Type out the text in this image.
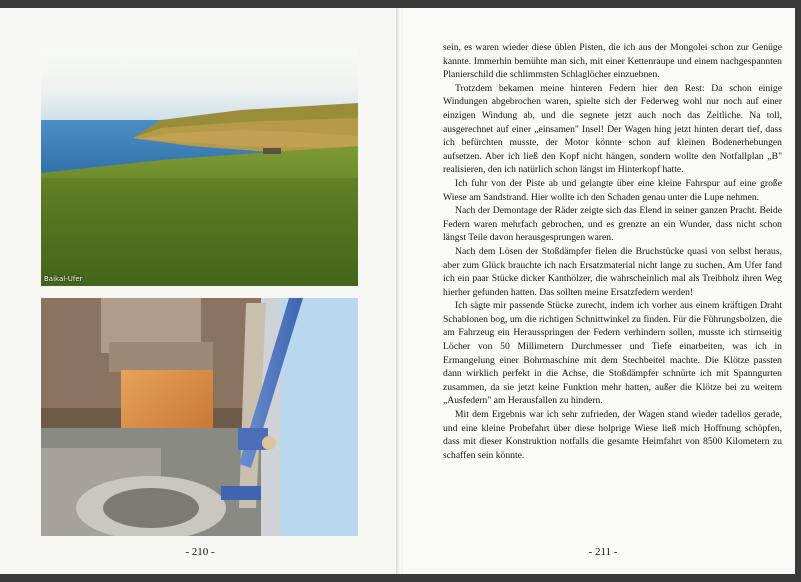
Baikal-Ufer
- 210 -

sein, es waren wieder diese üblen Pisten, die ich aus der Mongolei schon zur Genüge kannte. Immerhin bemühte man sich, mit einer Kettenraupe und einem nachgespannten Planierschild die schlimmsten Schlaglöcher einzuebnen.

Trotzdem bekamen meine hinteren Federn hier den Rest: Da schon einige Windungen abgebrochen waren, spielte sich der Federweg wohl nur noch auf einer einzigen Windung ab, und die segnete jetzt auch noch das Zeitliche. Na toll, ausgerechnet auf einer „einsamen" Insel! Der Wagen hing jetzt hinten derart tief, dass ich befürchten musste, der Motor könnte schon auf kleinen Bodenerhebungen aufsetzen. Aber ich ließ den Kopf nicht hängen, sondern wollte den Notfallplan „B" realisieren, den ich natürlich schon längst im Hinterkopf hatte.

Ich fuhr von der Piste ab und gelangte über eine kleine Fahrspur auf eine große Wiese am Sandstrand. Hier wollte ich den Schaden genau unter die Lupe nehmen.

Nach der Demontage der Räder zeigte sich das Elend in seiner ganzen Pracht. Beide Federn waren mehrfach gebrochen, und es grenzte an ein Wunder, dass nicht schon längst Teile davon herausgesprungen waren.

Nach dem Lösen der Stoßdämpfer fielen die Bruchstücke quasi von selbst heraus, aber zum Glück brauchte ich nach Ersatzmaterial nicht lange zu suchen. Am Ufer fand ich ein paar Stücke dicker Kanthölzer, die wahrscheinlich mal als Treibholz ihren Weg hierher gefunden hatten. Das sollten meine Ersatzfedern werden!

Ich sägte mir passende Stücke zurecht, indem ich vorher aus einem kräftigen Draht Schablonen bog, um die richtigen Schnittwinkel zu finden. Für die Führungsbolzen, die am Fahrzeug ein Herausspringen der Federn verhindern sollen, musste ich stirnseitig Löcher von 50 Millimetern Durchmesser und Tiefe einarbeiten, was ich in Ermangelung einer Bohrmaschine mit dem Stechbeitel machte. Die Klötze passten dann wirklich perfekt in die Achse, die Stoßdämpfer schnürte ich mit Spanngurten zusammen, da sie jetzt keine Funktion mehr hatten, außer die Klötze bei zu weitem „Ausfedern" am Herausfallen zu hindern.

Mit dem Ergebnis war ich sehr zufrieden, der Wagen stand wieder tadellos gerade, und eine kleine Probefahrt über diese holprige Wiese ließ mich Hoffnung schöpfen, dass mit dieser Konstruktion notfalls die gesamte Heimfahrt von 8500 Kilometern zu schaffen sein könnte.

- 211 -
